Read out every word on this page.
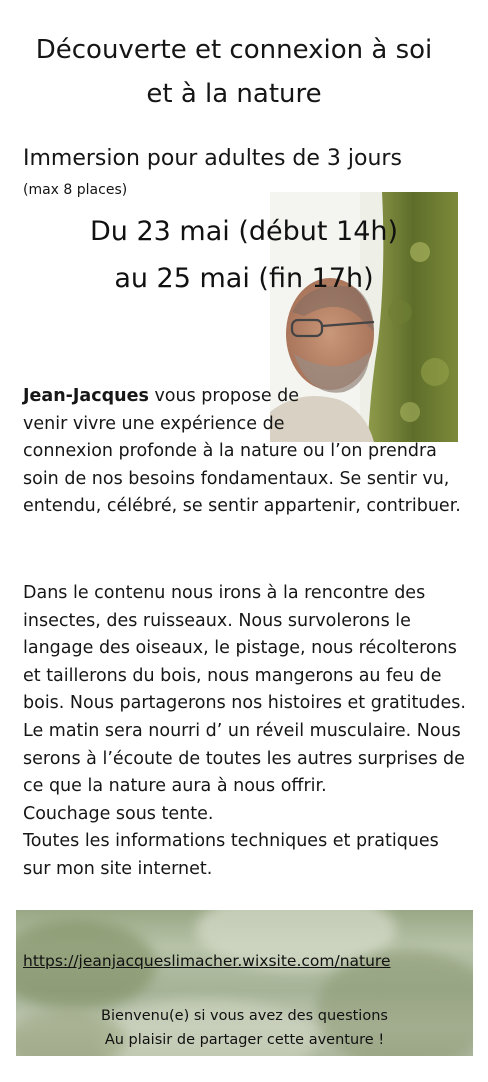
Découverte et connexion à soi
et à la nature
Immersion pour adultes de 3 jours
(max 8 places)
Du 23 mai (début 14h)
au 25 mai (fin 17h)

Jean-Jacques vous propose de
venir vivre une expérience de
connexion profonde à la nature ou l’on prendra soin de nos besoins fondamentaux. Se sentir vu, entendu, célébré, se sentir appartenir, contribuer.

Dans le contenu nous irons à la rencontre des insectes, des ruisseaux. Nous survolerons le langage des oiseaux, le pistage, nous récolterons et taillerons du bois, nous mangerons au feu de bois. Nous partagerons nos histoires et gratitudes.
Le matin sera nourri d’ un réveil musculaire. Nous serons à l’écoute de toutes les autres surprises de ce que la nature aura à nous offrir.
Couchage sous tente.
Toutes les informations techniques et pratiques sur mon site internet.
https://jeanjacqueslimacher.wixsite.com/nature
Bienvenu(e) si vous avez des questions
Au plaisir de partager cette aventure !
